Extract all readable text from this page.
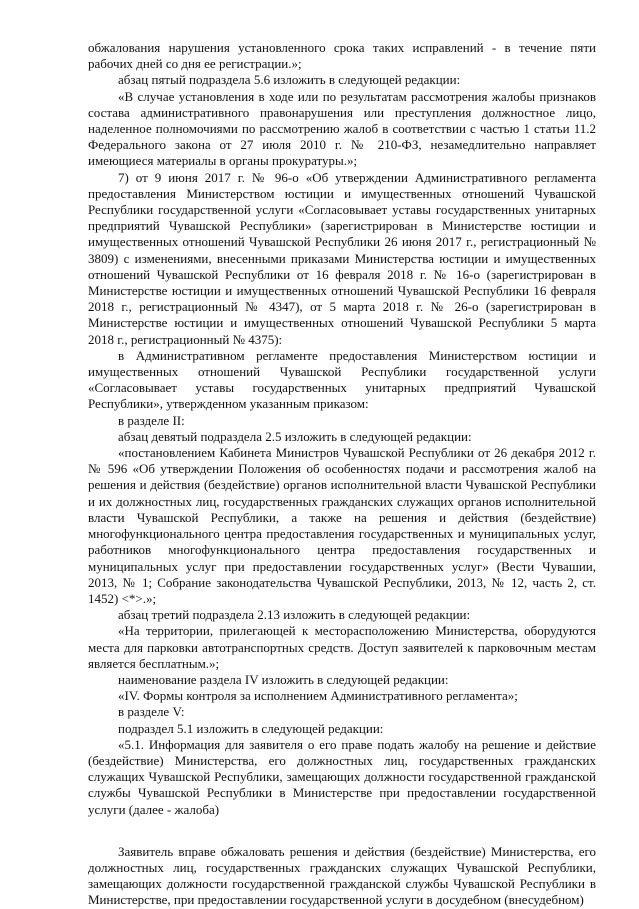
обжалования нарушения установленного срока таких исправлений - в течение пяти рабочих дней со дня ее регистрации.»;

абзац пятый подраздела 5.6 изложить в следующей редакции:

«В случае установления в ходе или по результатам рассмотрения жалобы признаков состава административного правонарушения или преступления должностное лицо, наделенное полномочиями по рассмотрению жалоб в соответствии с частью 1 статьи 11.2 Федерального закона от 27 июля 2010 г. № 210-ФЗ, незамедлительно направляет имеющиеся материалы в органы прокуратуры.»;

7) от 9 июня 2017 г. № 96-о «Об утверждении Административного регламента предоставления Министерством юстиции и имущественных отношений Чувашской Республики государственной услуги «Согласовывает уставы государственных унитарных предприятий Чувашской Республики» (зарегистрирован в Министерстве юстиции и имущественных отношений Чувашской Республики 26 июня 2017 г., регистрационный № 3809) с изменениями, внесенными приказами Министерства юстиции и имущественных отношений Чувашской Республики от 16 февраля 2018 г. № 16-о (зарегистрирован в Министерстве юстиции и имущественных отношений Чувашской Республики 16 февраля 2018 г., регистрационный № 4347), от 5 марта 2018 г. № 26-о (зарегистрирован в Министерстве юстиции и имущественных отношений Чувашской Республики 5 марта 2018 г., регистрационный № 4375):

в Административном регламенте предоставления Министерством юстиции и имущественных отношений Чувашской Республики государственной услуги «Согласовывает уставы государственных унитарных предприятий Чувашской Республики», утвержденном указанным приказом:

в разделе II:

абзац девятый подраздела 2.5 изложить в следующей редакции:

«постановлением Кабинета Министров Чувашской Республики от 26 декабря 2012 г. № 596 «Об утверждении Положения об особенностях подачи и рассмотрения жалоб на решения и действия (бездействие) органов исполнительной власти Чувашской Республики и их должностных лиц, государственных гражданских служащих органов исполнительной власти Чувашской Республики, а также на решения и действия (бездействие) многофункционального центра предоставления государственных и муниципальных услуг, работников многофункционального центра предоставления государственных и муниципальных услуг при предоставлении государственных услуг» (Вести Чувашии, 2013, № 1; Собрание законодательства Чувашской Республики, 2013, № 12, часть 2, ст. 1452) <*>.»;

абзац третий подраздела 2.13 изложить в следующей редакции:

«На территории, прилегающей к месторасположению Министерства, оборудуются места для парковки автотранспортных средств. Доступ заявителей к парковочным местам является бесплатным.»;

наименование раздела IV изложить в следующей редакции:

«IV. Формы контроля за исполнением Административного регламента»;

в разделе V:

подраздел 5.1 изложить в следующей редакции:

«5.1. Информация для заявителя о его праве подать жалобу на решение и действие (бездействие) Министерства, его должностных лиц, государственных гражданских служащих Чувашской Республики, замещающих должности государственной гражданской службы Чувашской Республики в Министерстве при предоставлении государственной услуги (далее - жалоба)

Заявитель вправе обжаловать решения и действия (бездействие) Министерства, его должностных лиц, государственных гражданских служащих Чувашской Республики, замещающих должности государственной гражданской службы Чувашской Республики в Министерстве, при предоставлении государственной услуги в досудебном (внесудебном)
